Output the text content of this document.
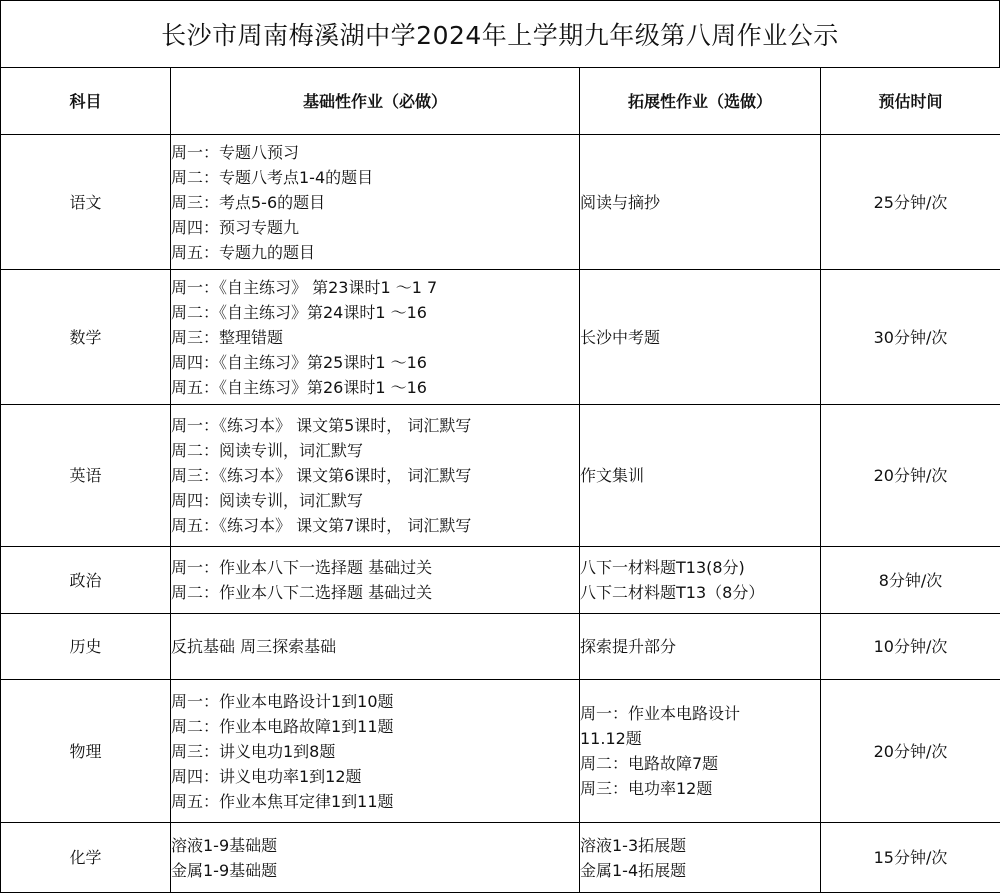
长沙市周南梅溪湖中学2024年上学期九年级第八周作业公示
科目	基础性作业（必做）	拓展性作业（选做）	预估时间
语文	周一：专题八预习
周二：专题八考点1-4的题目
周三：考点5-6的题目
周四：预习专题九
周五：专题九的题目	阅读与摘抄	25分钟/次
数学	周一：《自主练习》 第23课时1 ～1 7
周二：《自主练习》第24课时1 ～16
周三：整理错题
周四：《自主练习》第25课时1 ～16
周五：《自主练习》第26课时1 ～16	长沙中考题	30分钟/次
英语	周一：《练习本》 课文第5课时， 词汇默写
周二：阅读专训，词汇默写
周三：《练习本》 课文第6课时， 词汇默写
周四：阅读专训，词汇默写
周五：《练习本》 课文第7课时， 词汇默写	作文集训	20分钟/次
政治	周一：作业本八下一选择题 基础过关
周二：作业本八下二选择题 基础过关	八下一材料题T13(8分)
八下二材料题T13（8分）	8分钟/次
历史	反抗基础 周三探索基础	探索提升部分	10分钟/次
物理	周一：作业本电路设计1到10题
周二：作业本电路故障1到11题
周三：讲义电功1到8题
周四：讲义电功率1到12题
周五：作业本焦耳定律1到11题	周一：作业本电路设计
11.12题
周二：电路故障7题
周三：电功率12题	20分钟/次
化学	溶液1-9基础题
金属1-9基础题	溶液1-3拓展题
金属1-4拓展题	15分钟/次
